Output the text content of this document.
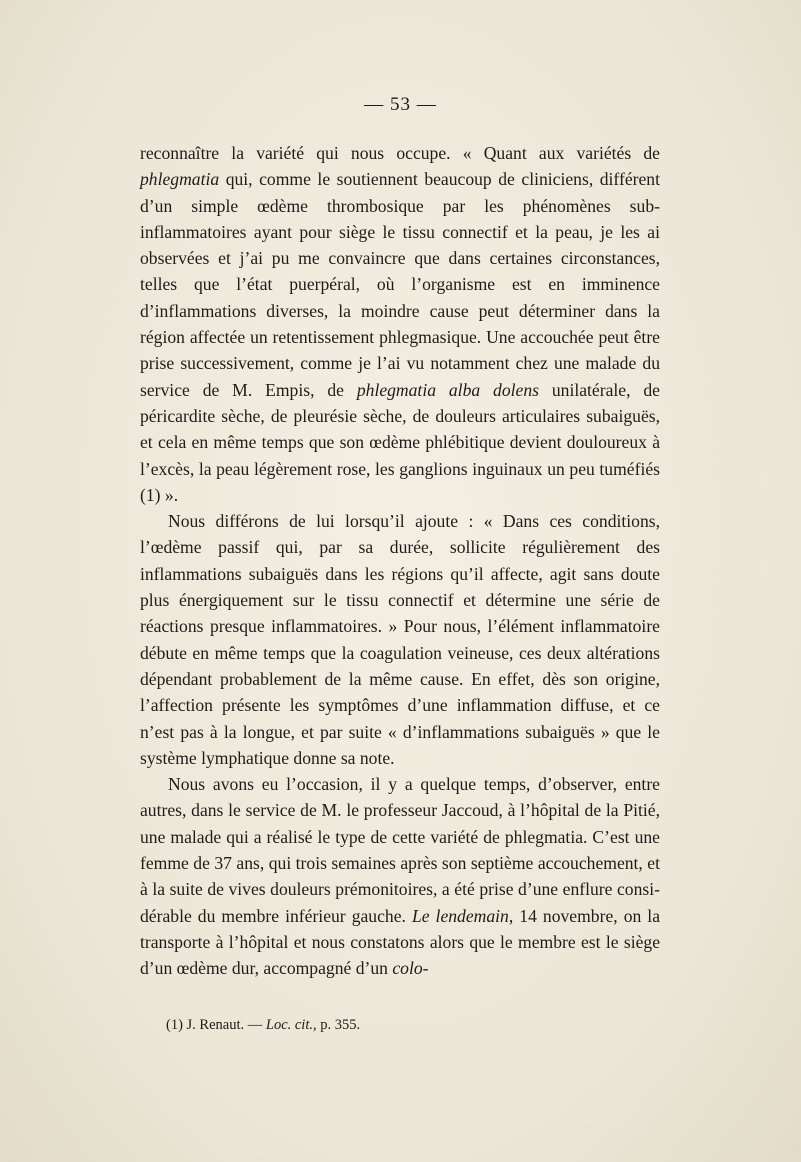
— 53 —

reconnaître la variété qui nous occupe. « Quant aux variétés de phlegmatia qui, comme le soutiennent beaucoup de cliniciens, différent d’un simple œdème thrombosique par les phénomènes sub-inflammatoires ayant pour siège le tissu connectif et la peau, je les ai observées et j’ai pu me convaincre que dans certaines circonstances, telles que l’état puerpéral, où l’organisme est en imminence d’inflammations diverses, la moindre cause peut déterminer dans la région affectée un retentissement phlegmasique. Une accouchée peut être prise successivement, comme je l’ai vu notamment chez une malade du service de M. Empis, de phlegmatia alba dolens unilatérale, de péricardite sèche, de pleurésie sèche, de douleurs articulaires subaiguës, et cela en même temps que son œdème phlébitique devient douloureux à l’excès, la peau légèrement rose, les ganglions inguinaux un peu tuméfiés (1) ».

Nous différons de lui lorsqu’il ajoute : « Dans ces conditions, l’œdème passif qui, par sa durée, sollicite régulièrement des inflammations subaiguës dans les régions qu’il affecte, agit sans doute plus énergiquement sur le tissu connectif et détermine une série de réactions presque inflammatoires. » Pour nous, l’élément inflammatoire débute en même temps que la coagulation veineuse, ces deux altérations dépendant probablement de la même cause. En effet, dès son origine, l’affection présente les symptômes d’une inflammation diffuse, et ce n’est pas à la longue, et par suite « d’inflammations subaiguës » que le système lymphatique donne sa note.

Nous avons eu l’occasion, il y a quelque temps, d’observer, entre autres, dans le service de M. le professeur Jaccoud, à l’hôpital de la Pitié, une malade qui a réalisé le type de cette variété de phlegmatia. C’est une femme de 37 ans, qui trois semaines après son septième accouchement, et à la suite de vives douleurs prémonitoires, a été prise d’une enflure considérable du membre inférieur gauche. Le lendemain, 14 novembre, on la transporte à l’hôpital et nous constatons alors que le membre est le siège d’un œdème dur, accompagné d’un colo-

(1) J. Renaut. — Loc. cit., p. 355.
